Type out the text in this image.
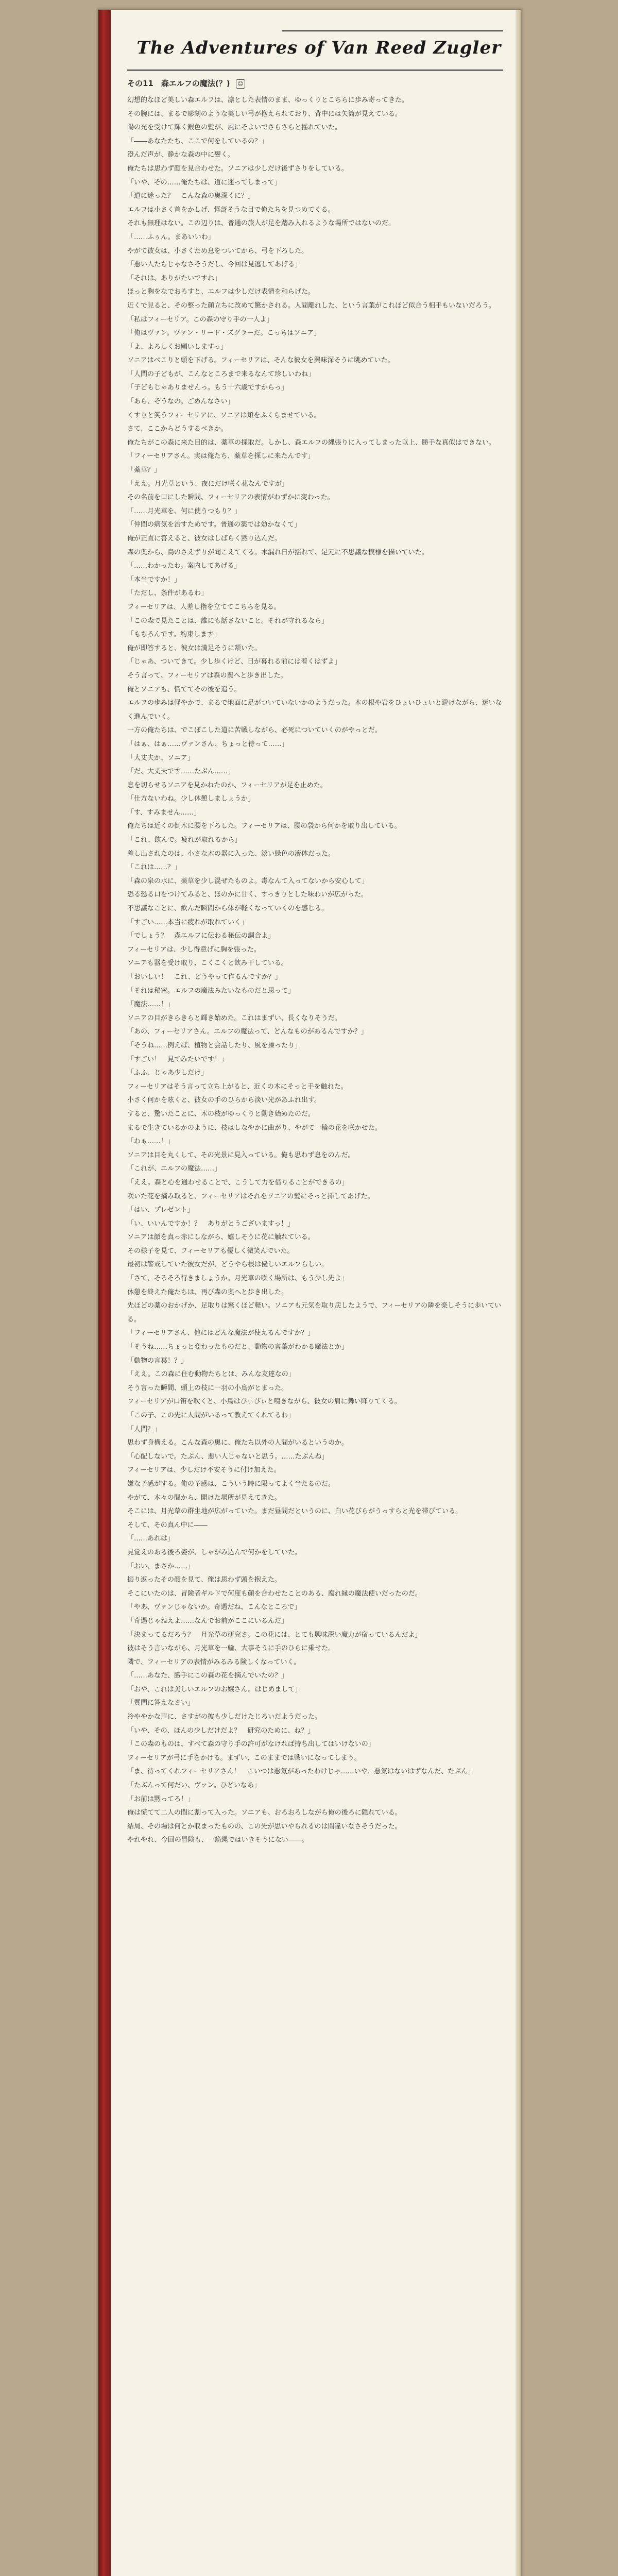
The Adventures of Van Reed Zugler
その11　森エルフの魔法(？) ☺

幻想的なほど美しい森エルフは、凛とした表情のまま、ゆっくりとこちらに歩み寄ってきた。

その腕には、まるで彫刻のような美しい弓が抱えられており、背中には矢筒が見えている。

陽の光を受けて輝く銀色の髪が、風にそよいでさらさらと揺れていた。

「――あなたたち、ここで何をしているの？」

澄んだ声が、静かな森の中に響く。

俺たちは思わず顔を見合わせた。ソニアは少しだけ後ずさりをしている。

「いや、その……俺たちは、道に迷ってしまって」

「道に迷った？　こんな森の奥深くに？」

エルフは小さく首をかしげ、怪訝そうな目で俺たちを見つめてくる。

それも無理はない。この辺りは、普通の旅人が足を踏み入れるような場所ではないのだ。

「……ふぅん。まあいいわ」

やがて彼女は、小さくため息をついてから、弓を下ろした。

「悪い人たちじゃなさそうだし、今回は見逃してあげる」

「それは、ありがたいですね」

ほっと胸をなでおろすと、エルフは少しだけ表情を和らげた。

近くで見ると、その整った顔立ちに改めて驚かされる。人間離れした、という言葉がこれほど似合う相手もいないだろう。

「私はフィーセリア。この森の守り手の一人よ」

「俺はヴァン。ヴァン・リード・ズグラーだ。こっちはソニア」

「よ、よろしくお願いしますっ」

ソニアはぺこりと頭を下げる。フィーセリアは、そんな彼女を興味深そうに眺めていた。

「人間の子どもが、こんなところまで来るなんて珍しいわね」

「子どもじゃありませんっ。もう十六歳ですからっ」

「あら、そうなの。ごめんなさい」

くすりと笑うフィーセリアに、ソニアは頬をふくらませている。

さて、ここからどうするべきか。

俺たちがこの森に来た目的は、薬草の採取だ。しかし、森エルフの縄張りに入ってしまった以上、勝手な真似はできない。

「フィーセリアさん。実は俺たち、薬草を探しに来たんです」

「薬草？」

「ええ。月光草という、夜にだけ咲く花なんですが」

その名前を口にした瞬間、フィーセリアの表情がわずかに変わった。

「……月光草を、何に使うつもり？」

「仲間の病気を治すためです。普通の薬では効かなくて」

俺が正直に答えると、彼女はしばらく黙り込んだ。

森の奥から、鳥のさえずりが聞こえてくる。木漏れ日が揺れて、足元に不思議な模様を描いていた。

「……わかったわ。案内してあげる」

「本当ですか！」

「ただし、条件があるわ」

フィーセリアは、人差し指を立ててこちらを見る。

「この森で見たことは、誰にも話さないこと。それが守れるなら」

「もちろんです。約束します」

俺が即答すると、彼女は満足そうに頷いた。

「じゃあ、ついてきて。少し歩くけど、日が暮れる前には着くはずよ」

そう言って、フィーセリアは森の奥へと歩き出した。

俺とソニアも、慌ててその後を追う。

エルフの歩みは軽やかで、まるで地面に足がついていないかのようだった。木の根や岩をひょいひょいと避けながら、迷いなく進んでいく。

一方の俺たちは、でこぼこした道に苦戦しながら、必死についていくのがやっとだ。

「はぁ、はぁ……ヴァンさん、ちょっと待って……」

「大丈夫か、ソニア」

「だ、大丈夫です……たぶん……」

息を切らせるソニアを見かねたのか、フィーセリアが足を止めた。

「仕方ないわね。少し休憩しましょうか」

「す、すみません……」

俺たちは近くの倒木に腰を下ろした。フィーセリアは、腰の袋から何かを取り出している。

「これ、飲んで。疲れが取れるから」

差し出されたのは、小さな木の器に入った、淡い緑色の液体だった。

「これは……？」

「森の泉の水に、薬草を少し混ぜたものよ。毒なんて入ってないから安心して」

恐る恐る口をつけてみると、ほのかに甘く、すっきりとした味わいが広がった。

不思議なことに、飲んだ瞬間から体が軽くなっていくのを感じる。

「すごい……本当に疲れが取れていく」

「でしょう？　森エルフに伝わる秘伝の調合よ」

フィーセリアは、少し得意げに胸を張った。

ソニアも器を受け取り、こくこくと飲み干している。

「おいしい！　これ、どうやって作るんですか？」

「それは秘密。エルフの魔法みたいなものだと思って」

「魔法……！」

ソニアの目がきらきらと輝き始めた。これはまずい、長くなりそうだ。

「あの、フィーセリアさん。エルフの魔法って、どんなものがあるんですか？」

「そうね……例えば、植物と会話したり、風を操ったり」

「すごい！　見てみたいです！」

「ふふ、じゃあ少しだけ」

フィーセリアはそう言って立ち上がると、近くの木にそっと手を触れた。

小さく何かを呟くと、彼女の手のひらから淡い光があふれ出す。

すると、驚いたことに、木の枝がゆっくりと動き始めたのだ。

まるで生きているかのように、枝はしなやかに曲がり、やがて一輪の花を咲かせた。

「わぁ……！」

ソニアは目を丸くして、その光景に見入っている。俺も思わず息をのんだ。

「これが、エルフの魔法……」

「ええ。森と心を通わせることで、こうして力を借りることができるの」

咲いた花を摘み取ると、フィーセリアはそれをソニアの髪にそっと挿してあげた。

「はい、プレゼント」

「い、いいんですか！？　ありがとうございますっ！」

ソニアは顔を真っ赤にしながら、嬉しそうに花に触れている。

その様子を見て、フィーセリアも優しく微笑んでいた。

最初は警戒していた彼女だが、どうやら根は優しいエルフらしい。

「さて、そろそろ行きましょうか。月光草の咲く場所は、もう少し先よ」

休憩を終えた俺たちは、再び森の奥へと歩き出した。

先ほどの薬のおかげか、足取りは驚くほど軽い。ソニアも元気を取り戻したようで、フィーセリアの隣を楽しそうに歩いている。

「フィーセリアさん、他にはどんな魔法が使えるんですか？」

「そうね……ちょっと変わったものだと、動物の言葉がわかる魔法とか」

「動物の言葉！？」

「ええ。この森に住む動物たちとは、みんな友達なの」

そう言った瞬間、頭上の枝に一羽の小鳥がとまった。

フィーセリアが口笛を吹くと、小鳥はぴぃぴぃと鳴きながら、彼女の肩に舞い降りてくる。

「この子、この先に人間がいるって教えてくれてるわ」

「人間？」

思わず身構える。こんな森の奥に、俺たち以外の人間がいるというのか。

「心配しないで。たぶん、悪い人じゃないと思う。……たぶんね」

フィーセリアは、少しだけ不安そうに付け加えた。

嫌な予感がする。俺の予感は、こういう時に限ってよく当たるのだ。

やがて、木々の間から、開けた場所が見えてきた。

そこには、月光草の群生地が広がっていた。まだ昼間だというのに、白い花びらがうっすらと光を帯びている。

そして、その真ん中に――

「……あれは」

見覚えのある後ろ姿が、しゃがみ込んで何かをしていた。

「おい、まさか……」

振り返ったその顔を見て、俺は思わず頭を抱えた。

そこにいたのは、冒険者ギルドで何度も顔を合わせたことのある、腐れ縁の魔法使いだったのだ。

「やあ、ヴァンじゃないか。奇遇だね、こんなところで」

「奇遇じゃねえよ……なんでお前がここにいるんだ」

「決まってるだろう？　月光草の研究さ。この花には、とても興味深い魔力が宿っているんだよ」

彼はそう言いながら、月光草を一輪、大事そうに手のひらに乗せた。

隣で、フィーセリアの表情がみるみる険しくなっていく。

「……あなた、勝手にこの森の花を摘んでいたの？」

「おや、これは美しいエルフのお嬢さん。はじめまして」

「質問に答えなさい」

冷ややかな声に、さすがの彼も少しだけたじろいだようだった。

「いや、その、ほんの少しだけだよ？　研究のために、ね？」

「この森のものは、すべて森の守り手の許可がなければ持ち出してはいけないの」

フィーセリアが弓に手をかける。まずい、このままでは戦いになってしまう。

「ま、待ってくれフィーセリアさん！　こいつは悪気があったわけじゃ……いや、悪気はないはずなんだ、たぶん」

「たぶんって何だい、ヴァン。ひどいなあ」

「お前は黙ってろ！」

俺は慌てて二人の間に割って入った。ソニアも、おろおろしながら俺の後ろに隠れている。

結局、その場は何とか収まったものの、この先が思いやられるのは間違いなさそうだった。

やれやれ、今回の冒険も、一筋縄ではいきそうにない――。
